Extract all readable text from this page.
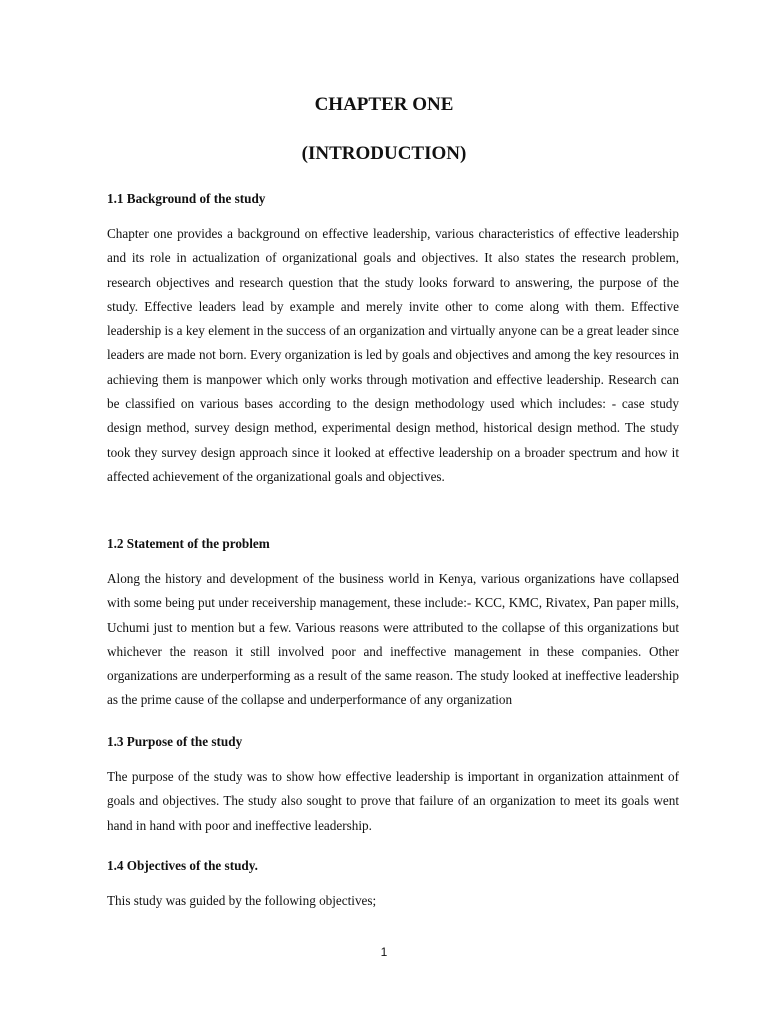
CHAPTER ONE
(INTRODUCTION)
1.1 Background of the study

Chapter one provides a background on effective leadership, various characteristics of effective leadership and its role in actualization of organizational goals and objectives. It also states the research problem, research objectives and research question that the study looks forward to answering, the purpose of the study. Effective leaders lead by example and merely invite other to come along with them. Effective leadership is a key element in the success of an organization and virtually anyone can be a great leader since leaders are made not born. Every organization is led by goals and objectives and among the key resources in achieving them is manpower which only works through motivation and effective leadership. Research can be classified on various bases according to the design methodology used which includes: - case study design method, survey design method, experimental design method, historical design method. The study took they survey design approach since it looked at effective leadership on a broader spectrum and how it affected achievement of the organizational goals and objectives.

1.2 Statement of the problem

Along the history and development of the business world in Kenya, various organizations have collapsed with some being put under receivership management, these include:- KCC, KMC, Rivatex, Pan paper mills, Uchumi just to mention but a few. Various reasons were attributed to the collapse of this organizations but whichever the reason it still involved poor and ineffective management in these companies. Other organizations are underperforming as a result of the same reason. The study looked at ineffective leadership as the prime cause of the collapse and underperformance of any organization

1.3 Purpose of the study

The purpose of the study was to show how effective leadership is important in organization attainment of goals and objectives. The study also sought to prove that failure of an organization to meet its goals went hand in hand with poor and ineffective leadership.

1.4 Objectives of the study.

This study was guided by the following objectives;

1
